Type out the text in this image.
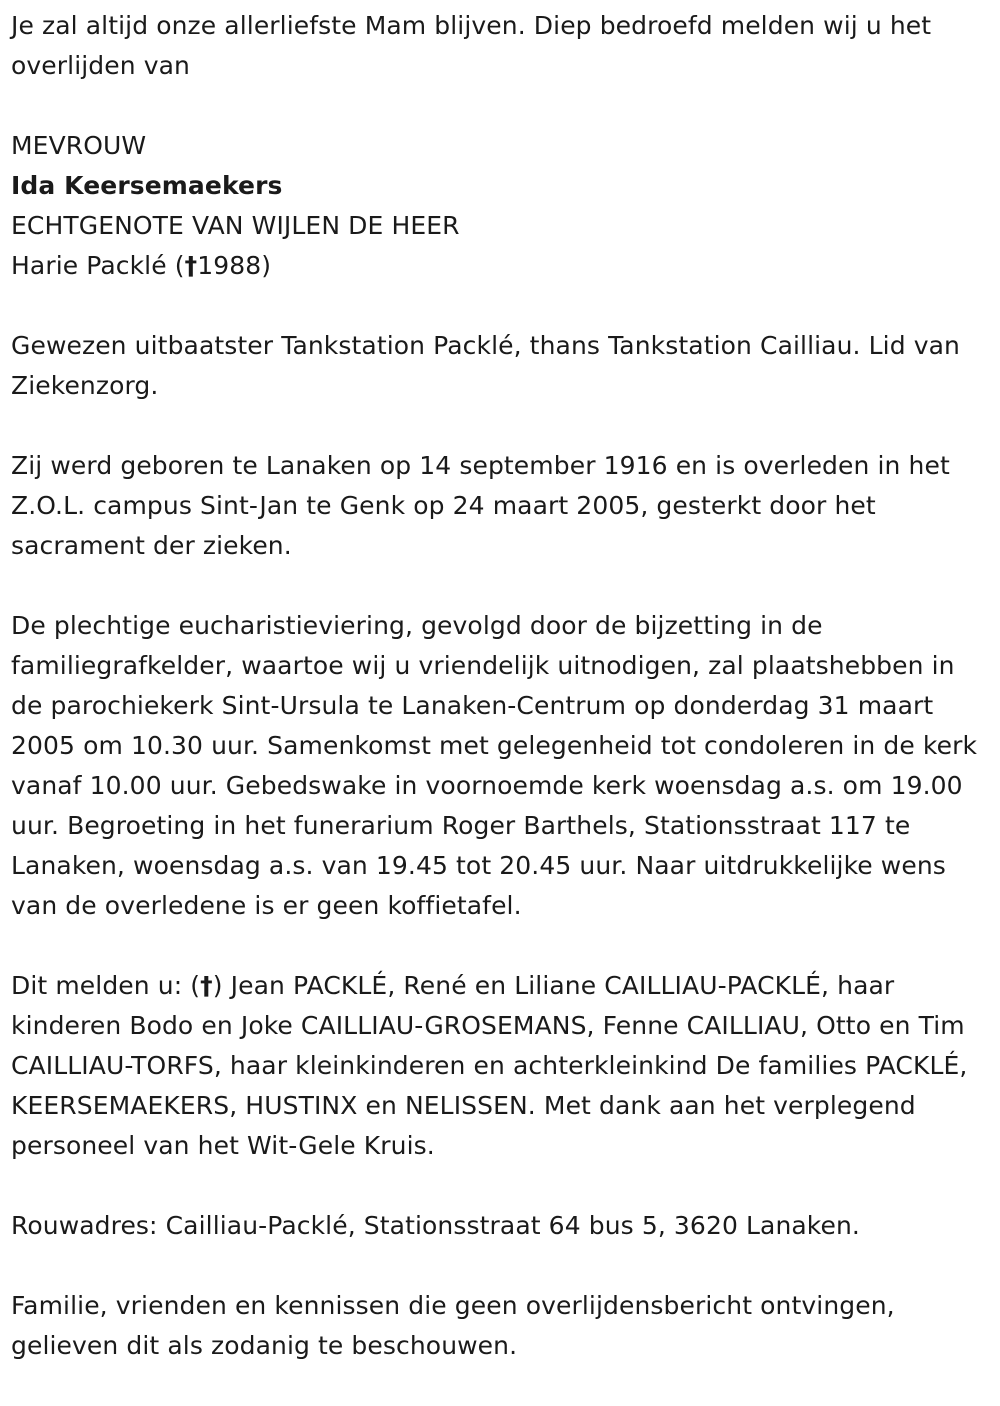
Je zal altijd onze allerliefste Mam blijven. Diep bedroefd melden wij u het overlijden van

MEVROUW

Ida Keersemaekers

ECHTGENOTE VAN WIJLEN DE HEER

Harie Packlé (†1988)

Gewezen uitbaatster Tankstation Packlé, thans Tankstation Cailliau. Lid van Ziekenzorg.

Zij werd geboren te Lanaken op 14 september 1916 en is overleden in het Z.O.L. campus Sint-Jan te Genk op 24 maart 2005, gesterkt door het sacrament der zieken.

De plechtige eucharistieviering, gevolgd door de bijzetting in de familiegrafkelder, waartoe wij u vriendelijk uitnodigen, zal plaatshebben in de parochiekerk Sint-Ursula te Lanaken-Centrum op donderdag 31 maart 2005 om 10.30 uur. Samenkomst met gelegenheid tot condoleren in de kerk vanaf 10.00 uur. Gebedswake in voornoemde kerk woensdag a.s. om 19.00 uur. Begroeting in het funerarium Roger Barthels, Stationsstraat 117 te Lanaken, woensdag a.s. van 19.45 tot 20.45 uur. Naar uitdrukkelijke wens van de overledene is er geen koffietafel.

Dit melden u: (†) Jean PACKLÉ, René en Liliane CAILLIAU-PACKLÉ, haar kinderen Bodo en Joke CAILLIAU-GROSEMANS, Fenne CAILLIAU, Otto en Tim CAILLIAU-TORFS, haar kleinkinderen en achterkleinkind De families PACKLÉ, KEERSEMAEKERS, HUSTINX en NELISSEN. Met dank aan het verplegend personeel van het Wit-Gele Kruis.

Rouwadres: Cailliau-Packlé, Stationsstraat 64 bus 5, 3620 Lanaken.

Familie, vrienden en kennissen die geen overlijdensbericht ontvingen, gelieven dit als zodanig te beschouwen.
